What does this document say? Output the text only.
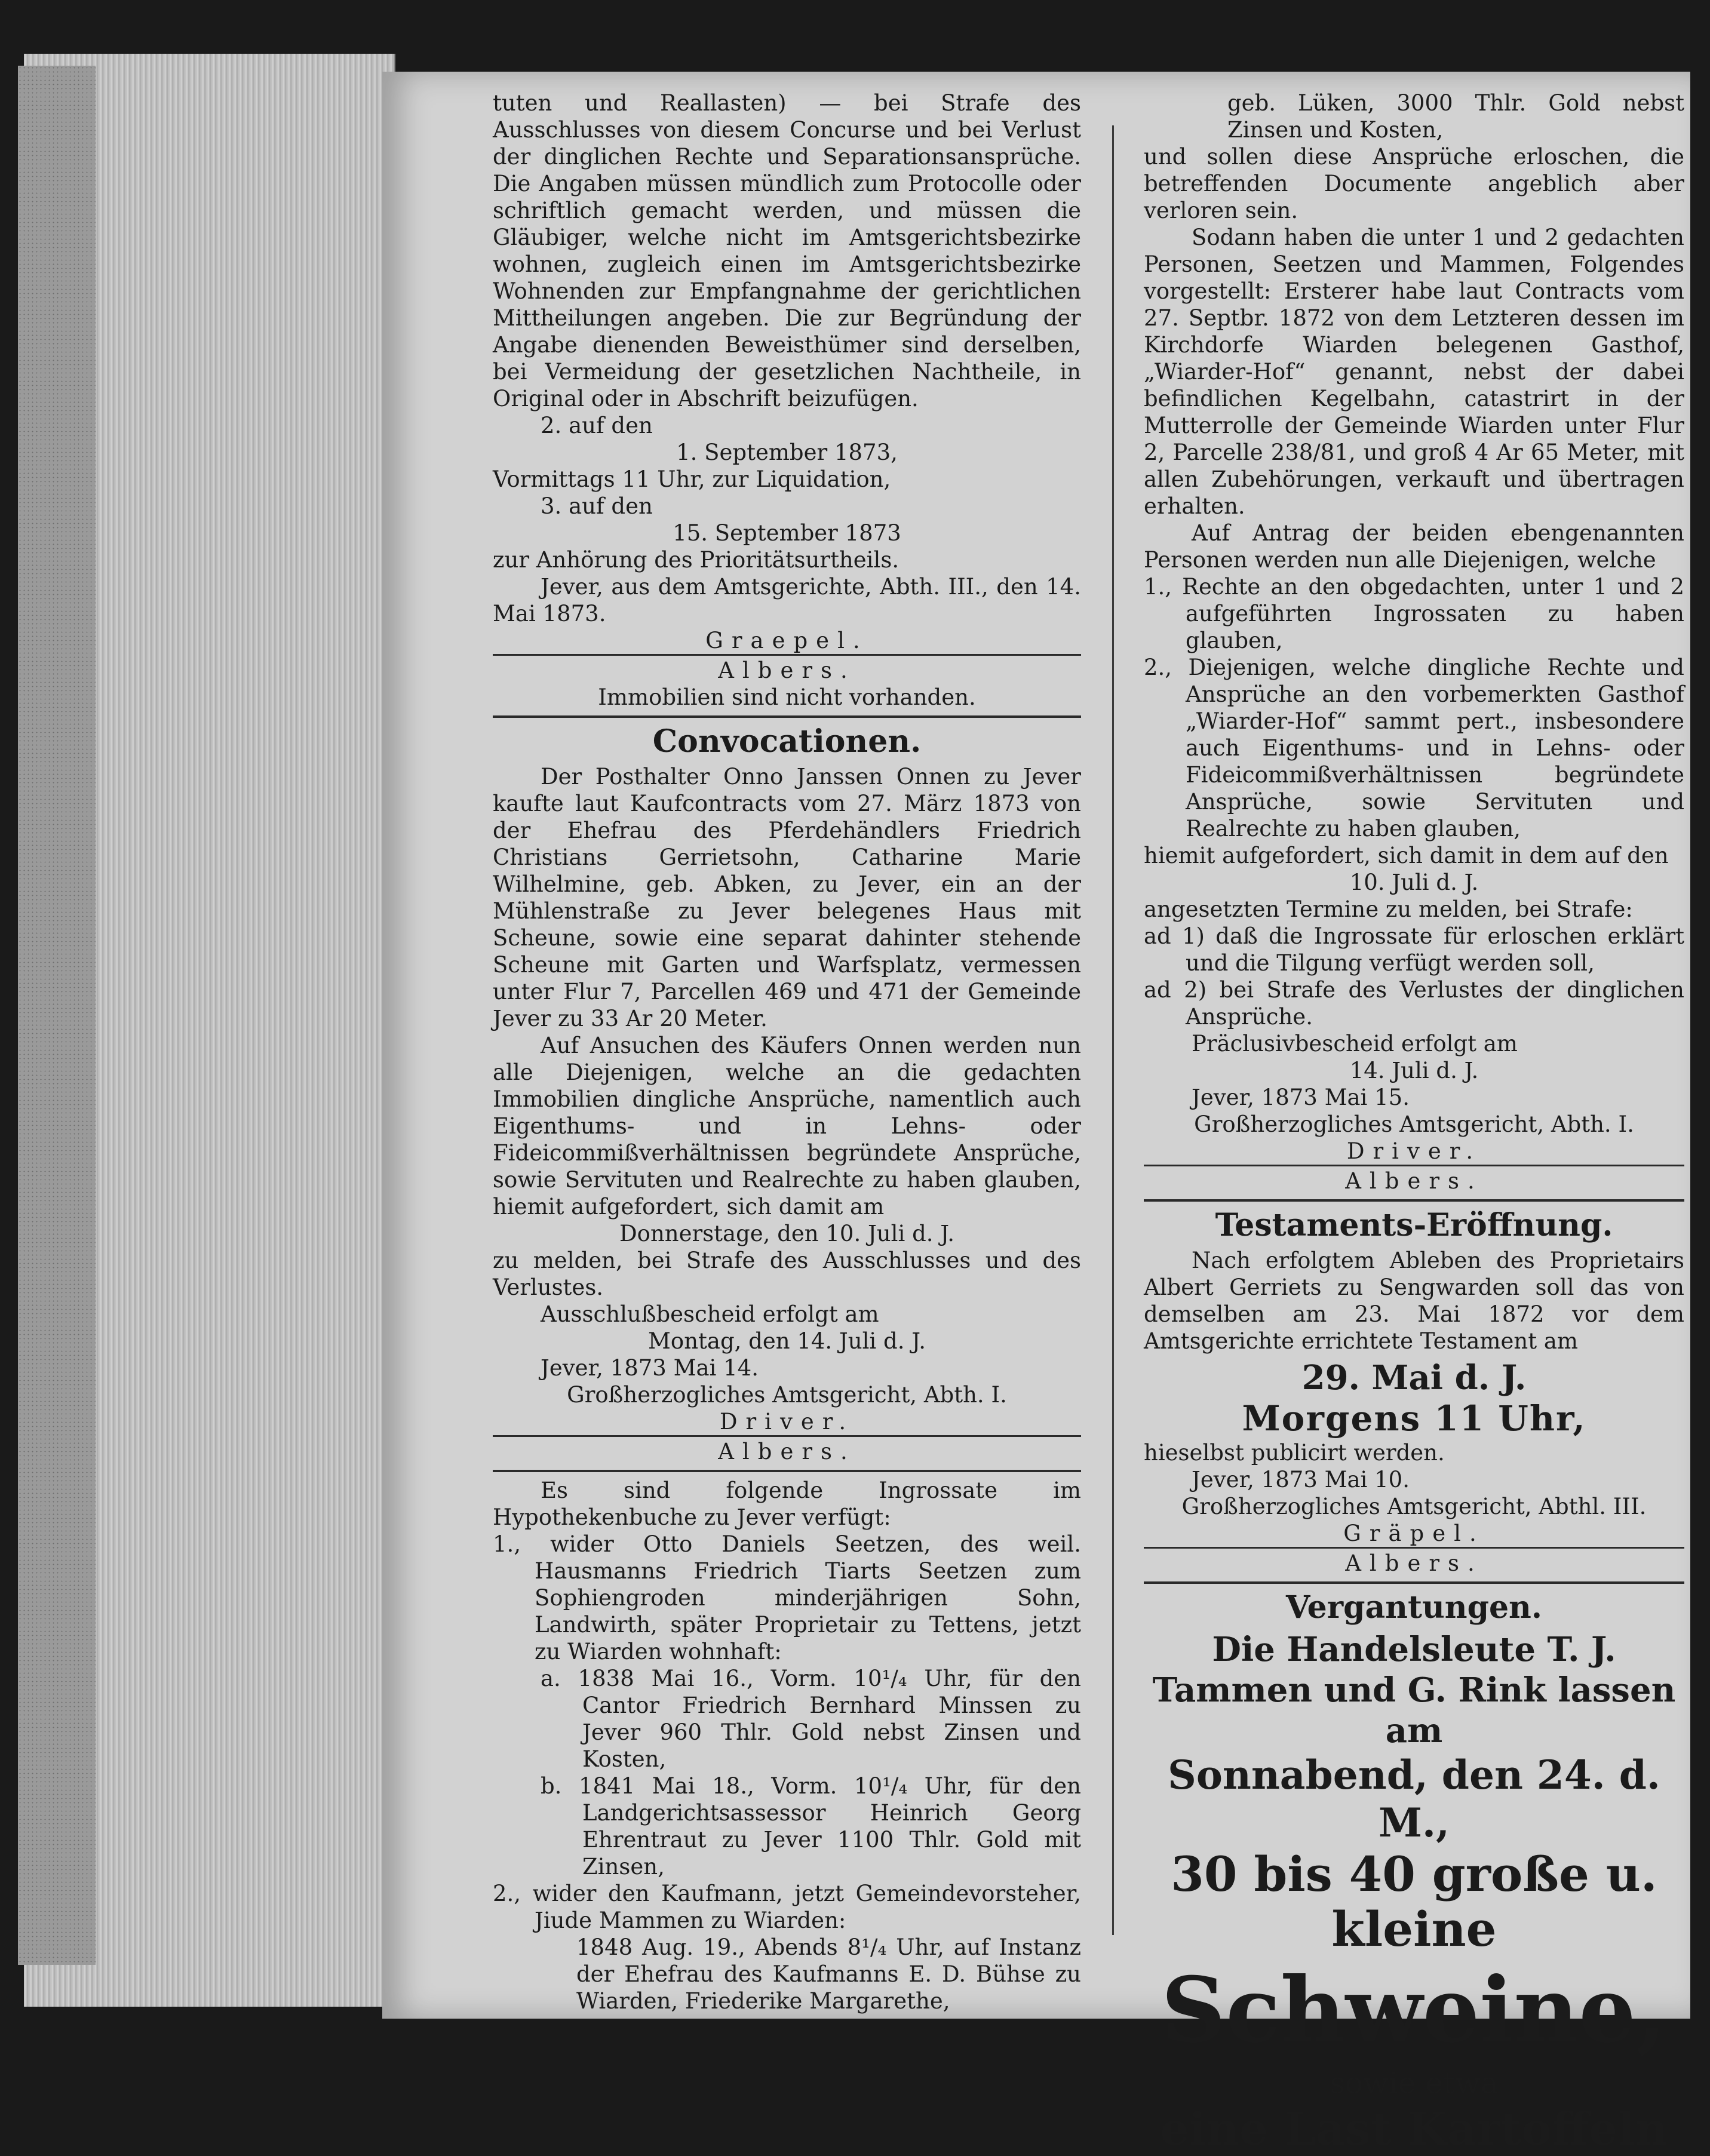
tuten und Reallasten) — bei Strafe des Ausschlusses von diesem Concurse und bei Verlust der dinglichen Rechte und Separationsansprüche. Die Angaben müssen mündlich zum Protocolle oder schriftlich gemacht werden, und müssen die Gläubiger, welche nicht im Amtsgerichtsbezirke wohnen, zugleich einen im Amtsgerichtsbezirke Wohnenden zur Empfangnahme der gerichtlichen Mittheilungen angeben. Die zur Begründung der Angabe dienenden Beweisthümer sind derselben, bei Vermeidung der gesetzlichen Nachtheile, in Original oder in Abschrift beizufügen.

2. auf den

1. September 1873,

Vormittags 11 Uhr, zur Liquidation,

3. auf den

15. September 1873

zur Anhörung des Prioritätsurtheils.

Jever, aus dem Amtsgerichte, Abth. III., den 14. Mai 1873.

Graepel.

Albers.

Immobilien sind nicht vorhanden.

Convocationen.

Der Posthalter Onno Janssen Onnen zu Jever kaufte laut Kaufcontracts vom 27. März 1873 von der Ehefrau des Pferdehändlers Friedrich Christians Gerrietsohn, Catharine Marie Wilhelmine, geb. Abken, zu Jever, ein an der Mühlenstraße zu Jever belegenes Haus mit Scheune, sowie eine separat dahinter stehende Scheune mit Garten und Warfsplatz, vermessen unter Flur 7, Parcellen 469 und 471 der Gemeinde Jever zu 33 Ar 20 Meter.

Auf Ansuchen des Käufers Onnen werden nun alle Diejenigen, welche an die gedachten Immobilien dingliche Ansprüche, namentlich auch Eigenthums- und in Lehns- oder Fideicommißverhältnissen begründete Ansprüche, sowie Servituten und Realrechte zu haben glauben, hiemit aufgefordert, sich damit am

Donnerstage, den 10. Juli d. J.

zu melden, bei Strafe des Ausschlusses und des Verlustes.

Ausschlußbescheid erfolgt am

Montag, den 14. Juli d. J.

Jever, 1873 Mai 14.

Großherzogliches Amtsgericht, Abth. I.

Driver.

Albers.

Es sind folgende Ingrossate im Hypothekenbuche zu Jever verfügt:

1., wider Otto Daniels Seetzen, des weil. Hausmanns Friedrich Tiarts Seetzen zum Sophiengroden minderjährigen Sohn, Landwirth, später Proprietair zu Tettens, jetzt zu Wiarden wohnhaft:

a. 1838 Mai 16., Vorm. 10¹/₄ Uhr, für den Cantor Friedrich Bernhard Minssen zu Jever 960 Thlr. Gold nebst Zinsen und Kosten,

b. 1841 Mai 18., Vorm. 10¹/₄ Uhr, für den Landgerichtsassessor Heinrich Georg Ehrentraut zu Jever 1100 Thlr. Gold mit Zinsen,

2., wider den Kaufmann, jetzt Gemeindevorsteher, Jiude Mammen zu Wiarden:

1848 Aug. 19., Abends 8¹/₄ Uhr, auf Instanz der Ehefrau des Kaufmanns E. D. Bühse zu Wiarden, Friederike Margarethe,

geb. Lüken, 3000 Thlr. Gold nebst Zinsen und Kosten,

und sollen diese Ansprüche erloschen, die betreffenden Documente angeblich aber verloren sein.

Sodann haben die unter 1 und 2 gedachten Personen, Seetzen und Mammen, Folgendes vorgestellt: Ersterer habe laut Contracts vom 27. Septbr. 1872 von dem Letzteren dessen im Kirchdorfe Wiarden belegenen Gasthof, „Wiarder-Hof“ genannt, nebst der dabei befindlichen Kegelbahn, catastrirt in der Mutterrolle der Gemeinde Wiarden unter Flur 2, Parcelle 238/81, und groß 4 Ar 65 Meter, mit allen Zubehörungen, verkauft und übertragen erhalten.

Auf Antrag der beiden ebengenannten Personen werden nun alle Diejenigen, welche

1., Rechte an den obgedachten, unter 1 und 2 aufgeführten Ingrossaten zu haben glauben,

2., Diejenigen, welche dingliche Rechte und Ansprüche an den vorbemerkten Gasthof „Wiarder-Hof“ sammt pert., insbesondere auch Eigenthums- und in Lehns- oder Fideicommißverhältnissen begründete Ansprüche, sowie Servituten und Realrechte zu haben glauben,

hiemit aufgefordert, sich damit in dem auf den

10. Juli d. J.

angesetzten Termine zu melden, bei Strafe:

ad 1) daß die Ingrossate für erloschen erklärt und die Tilgung verfügt werden soll,

ad 2) bei Strafe des Verlustes der dinglichen Ansprüche.

Präclusivbescheid erfolgt am

14. Juli d. J.

Jever, 1873 Mai 15.

Großherzogliches Amtsgericht, Abth. I.

Driver.

Albers.

Testaments-Eröffnung.

Nach erfolgtem Ableben des Proprietairs Albert Gerriets zu Sengwarden soll das von demselben am 23. Mai 1872 vor dem Amtsgerichte errichtete Testament am

29. Mai d. J.

Morgens 11 Uhr,

hieselbst publicirt werden.

Jever, 1873 Mai 10.

Großherzogliches Amtsgericht, Abthl. III.

Gräpel.

Albers.

Vergantungen.

Die Handelsleute T. J. Tammen und G. Rink lassen am

Sonnabend, den 24. d. M.,

30 bis 40 große u. kleine

Schweine,

sowie etwa

eine Last Kartoffeln
